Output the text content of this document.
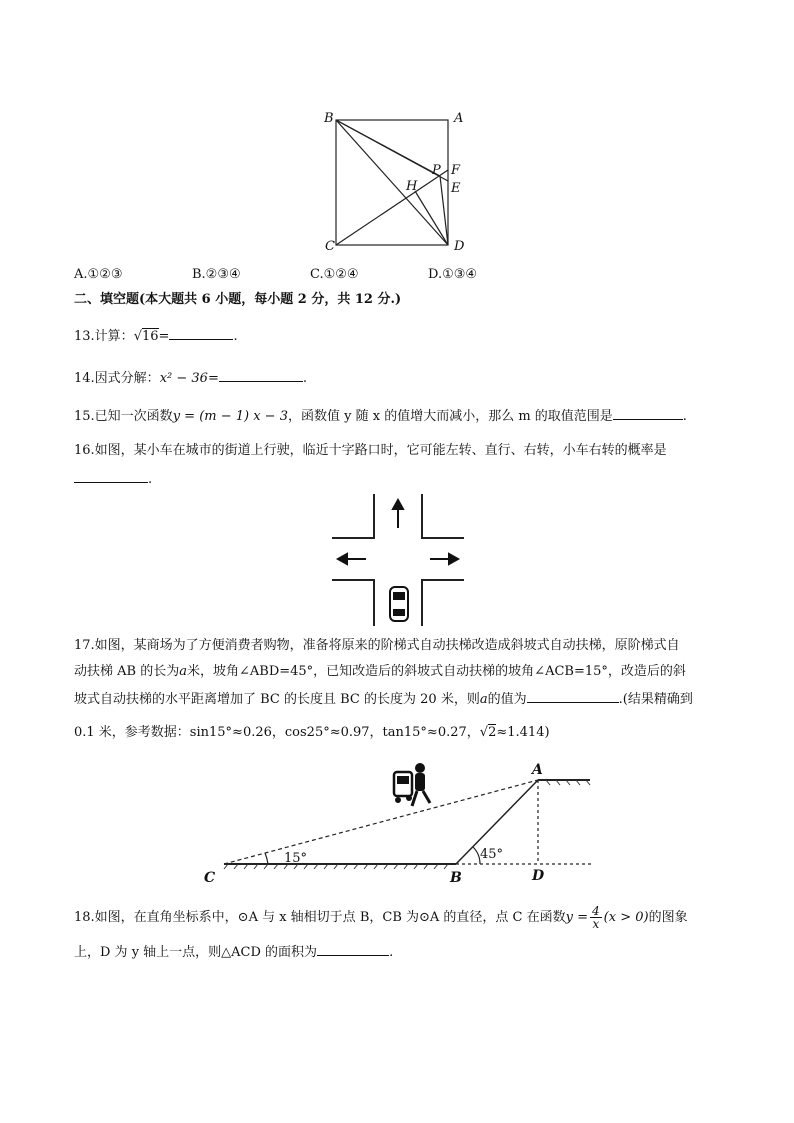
B	A
P F
H	E
C	D
A.①②③	B.②③④	C.①②④	D.①③④
二、填空题(本大题共 6 小题，每小题 2 分，共 12 分.)
13.计算：√16=	.
14.因式分解：x² − 36=	.
15.已知一次函数y = (m − 1) x − 3，函数值 y 随 x 的值增大而减小，那么 m 的取值范围是	.
16.如图，某小车在城市的街道上行驶，临近十字路口时，它可能左转、直行、右转，小车右转的概率是
.
17.如图，某商场为了方便消费者购物，准备将原来的阶梯式自动扶梯改造成斜坡式自动扶梯，原阶梯式自
动扶梯 AB 的长为a米，坡角∠ABD=45°，已知改造后的斜坡式自动扶梯的坡角∠ACB=15°，改造后的斜
坡式自动扶梯的水平距离增加了 BC 的长度且 BC 的长度为 20 米，则a的值为	.(结果精确到
0.1 米，参考数据：sin15°≈0.26，cos25°≈0.97，tan15°≈0.27，√2≈1.414)
C	B	D
A
15°	45°
18.如图，在直角坐标系中，⊙A 与 x 轴相切于点 B，CB 为⊙A 的直径，点 C 在函数$y = \frac{4}{x} (x > 0)$的图象
上，D 为 y 轴上一点，则△ACD 的面积为	.
